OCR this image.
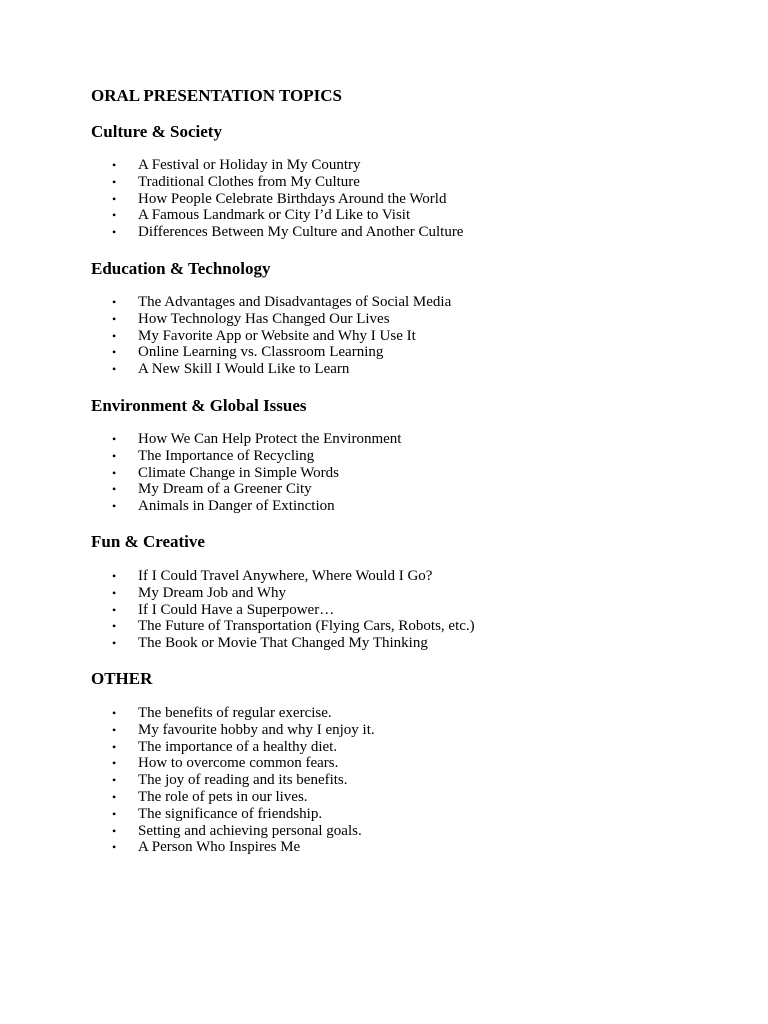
ORAL PRESENTATION TOPICS
Culture & Society
•	A Festival or Holiday in My Country
•	Traditional Clothes from My Culture
•	How People Celebrate Birthdays Around the World
•	A Famous Landmark or City I’d Like to Visit
•	Differences Between My Culture and Another Culture
Education & Technology
•	The Advantages and Disadvantages of Social Media
•	How Technology Has Changed Our Lives
•	My Favorite App or Website and Why I Use It
•	Online Learning vs. Classroom Learning
•	A New Skill I Would Like to Learn
Environment & Global Issues
•	How We Can Help Protect the Environment
•	The Importance of Recycling
•	Climate Change in Simple Words
•	My Dream of a Greener City
•	Animals in Danger of Extinction
Fun & Creative
•	If I Could Travel Anywhere, Where Would I Go?
•	My Dream Job and Why
•	If I Could Have a Superpower…
•	The Future of Transportation (Flying Cars, Robots, etc.)
•	The Book or Movie That Changed My Thinking
OTHER
•	The benefits of regular exercise.
•	My favourite hobby and why I enjoy it.
•	The importance of a healthy diet.
•	How to overcome common fears.
•	The joy of reading and its benefits.
•	The role of pets in our lives.
•	The significance of friendship.
•	Setting and achieving personal goals.
•	A Person Who Inspires Me
